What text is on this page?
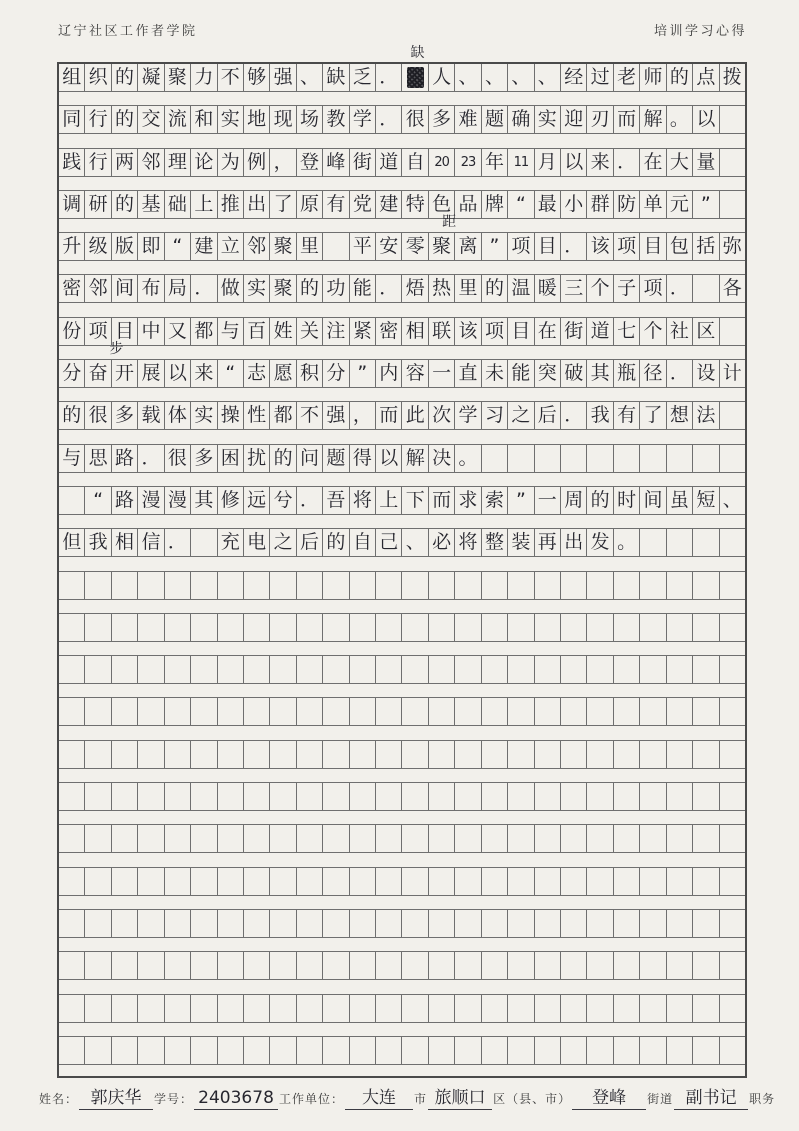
辽宁社区工作者学院	培训学习心得
组 织 的 凝 聚 力 不 够 强 、 缺 乏 ． 人 、 、 、 、 经 过 老 师 的 点 拨
同 行 的 交 流 和 实 地 现 场 教 学 ． 很 多 难 题 确 实 迎 刃 而 解 。 以
践 行 两 邻 理 论 为 例 ， 登 峰 街 道 自 20 23 年 11 月 以 来 ． 在 大 量
调 研 的 基 础 上 推 出 了 原 有 党 建 特 色 品 牌 “ 最 小 群 防 单 元 ”
升 级 版 即 “ 建 立 邻 聚 里 平 安 零 聚 离 ” 项 目 ． 该 项 目 包 括 弥
密 邻 间 布 局 ． 做 实 聚 的 功 能 ． 焐 热 里 的 温 暖 三 个 子 项 ． 各
份 项 目 中 又 都 与 百 姓 关 注 紧 密 相 联 该 项 目 在 街 道 七 个 社 区
分 奋 开 展 以 来 “ 志 愿 积 分 ” 内 容 一 直 未 能 突 破 其 瓶 径 ． 设 计
的 很 多 载 体 实 操 性 都 不 强 ， 而 此 次 学 习 之 后 ． 我 有 了 想 法
与 思 路 ． 很 多 困 扰 的 问 题 得 以 解 决 。
“ 路 漫 漫 其 修 远 兮 ． 吾 将 上 下 而 求 索 ” 一 周 的 时 间 虽 短 、
但 我 相 信 ． 充 电 之 后 的 自 己 、 必 将 整 装 再 出 发 。
缺
距
步
姓名： 郭庆华	学号： 2403678 工作单位：	大连	市 旅顺口 区（县、市）	登峰	街道 副书记	职务
